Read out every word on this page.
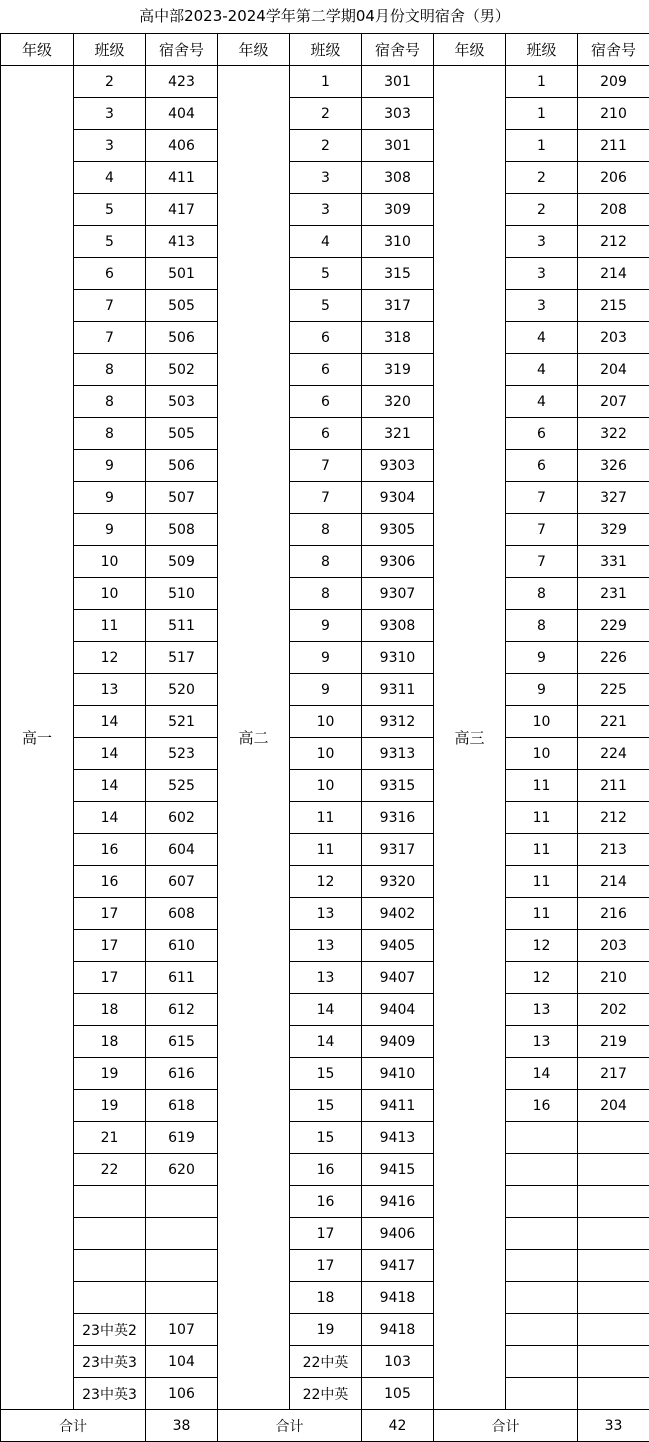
高中部2023-2024学年第二学期04月份文明宿舍（男）
年级	班级	宿舍号	年级	班级	宿舍号	年级	班级	宿舍号
高一	2	423	高二	1	301	高三	1	209
	3	404		2	303		1	210
	3	406		2	301		1	211
	4	411		3	308		2	206
	5	417		3	309		2	208
	5	413		4	310		3	212
	6	501		5	315		3	214
	7	505		5	317		3	215
	7	506		6	318		4	203
	8	502		6	319		4	204
	8	503		6	320		4	207
	8	505		6	321		6	322
	9	506		7	9303		6	326
	9	507		7	9304		7	327
	9	508		8	9305		7	329
	10	509		8	9306		7	331
	10	510		8	9307		8	231
	11	511		9	9308		8	229
	12	517		9	9310		9	226
	13	520		9	9311		9	225
	14	521		10	9312		10	221
	14	523		10	9313		10	224
	14	525		10	9315		11	211
	14	602		11	9316		11	212
	16	604		11	9317		11	213
	16	607		12	9320		11	214
	17	608		13	9402		11	216
	17	610		13	9405		12	203
	17	611		13	9407		12	210
	18	612		14	9404		13	202
	18	615		14	9409		13	219
	19	616		15	9410		14	217
	19	618		15	9411		16	204
	21	619		15	9413			
	22	620		16	9415			
				16	9416			
				17	9406			
				17	9417			
				18	9418			
	23中英2	107		19	9418			
	23中英3	104		22中英	103			
	23中英3	106		22中英	105			
合计		38	合计		42	合计		33
